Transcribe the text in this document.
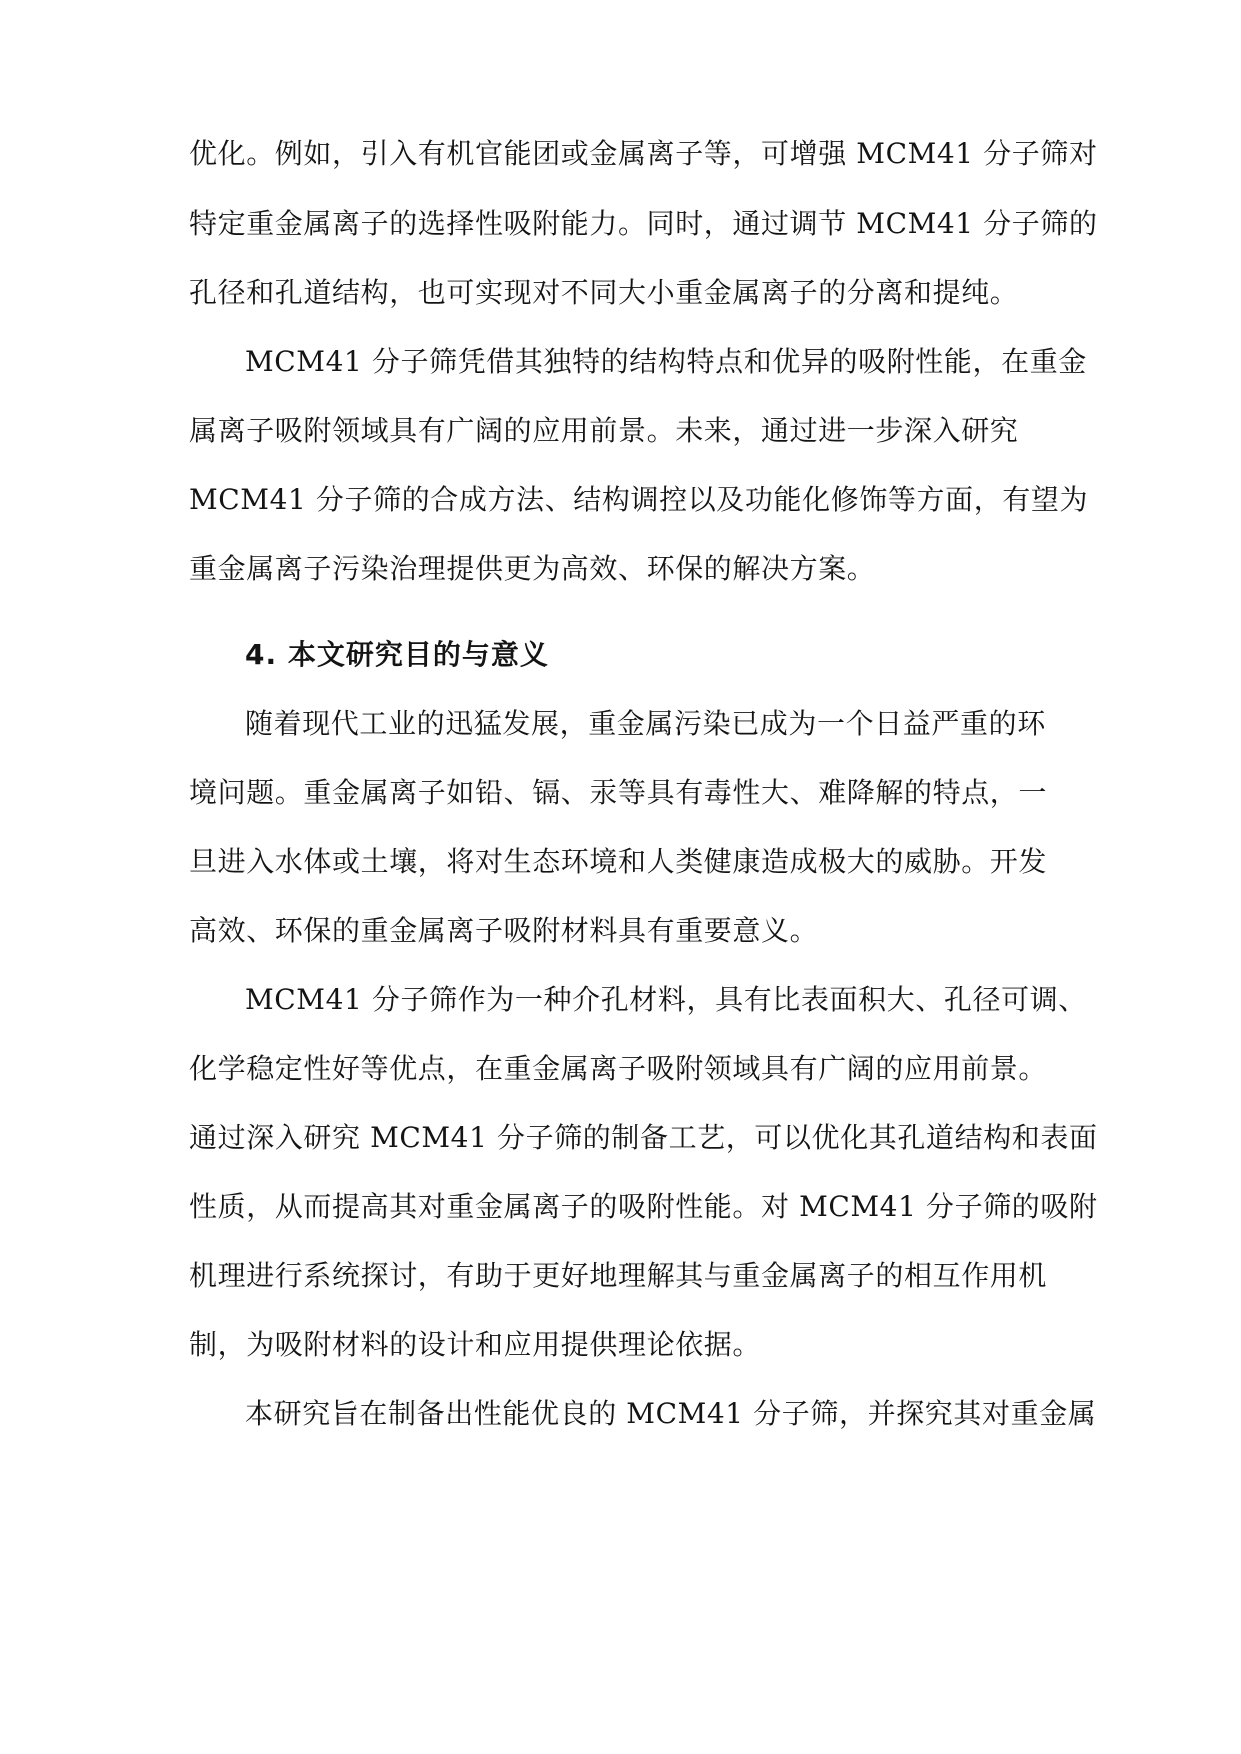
优化。例如，引入有机官能团或金属离子等，可增强 MCM41 分子筛对
特定重金属离子的选择性吸附能力。同时，通过调节 MCM41 分子筛的
孔径和孔道结构，也可实现对不同大小重金属离子的分离和提纯。
MCM41 分子筛凭借其独特的结构特点和优异的吸附性能，在重金
属离子吸附领域具有广阔的应用前景。未来，通过进一步深入研究
MCM41 分子筛的合成方法、结构调控以及功能化修饰等方面，有望为
重金属离子污染治理提供更为高效、环保的解决方案。
4. 本文研究目的与意义
随着现代工业的迅猛发展，重金属污染已成为一个日益严重的环
境问题。重金属离子如铅、镉、汞等具有毒性大、难降解的特点，一
旦进入水体或土壤，将对生态环境和人类健康造成极大的威胁。开发
高效、环保的重金属离子吸附材料具有重要意义。
MCM41 分子筛作为一种介孔材料，具有比表面积大、孔径可调、
化学稳定性好等优点，在重金属离子吸附领域具有广阔的应用前景。
通过深入研究 MCM41 分子筛的制备工艺，可以优化其孔道结构和表面
性质，从而提高其对重金属离子的吸附性能。对 MCM41 分子筛的吸附
机理进行系统探讨，有助于更好地理解其与重金属离子的相互作用机
制，为吸附材料的设计和应用提供理论依据。
本研究旨在制备出性能优良的 MCM41 分子筛，并探究其对重金属
